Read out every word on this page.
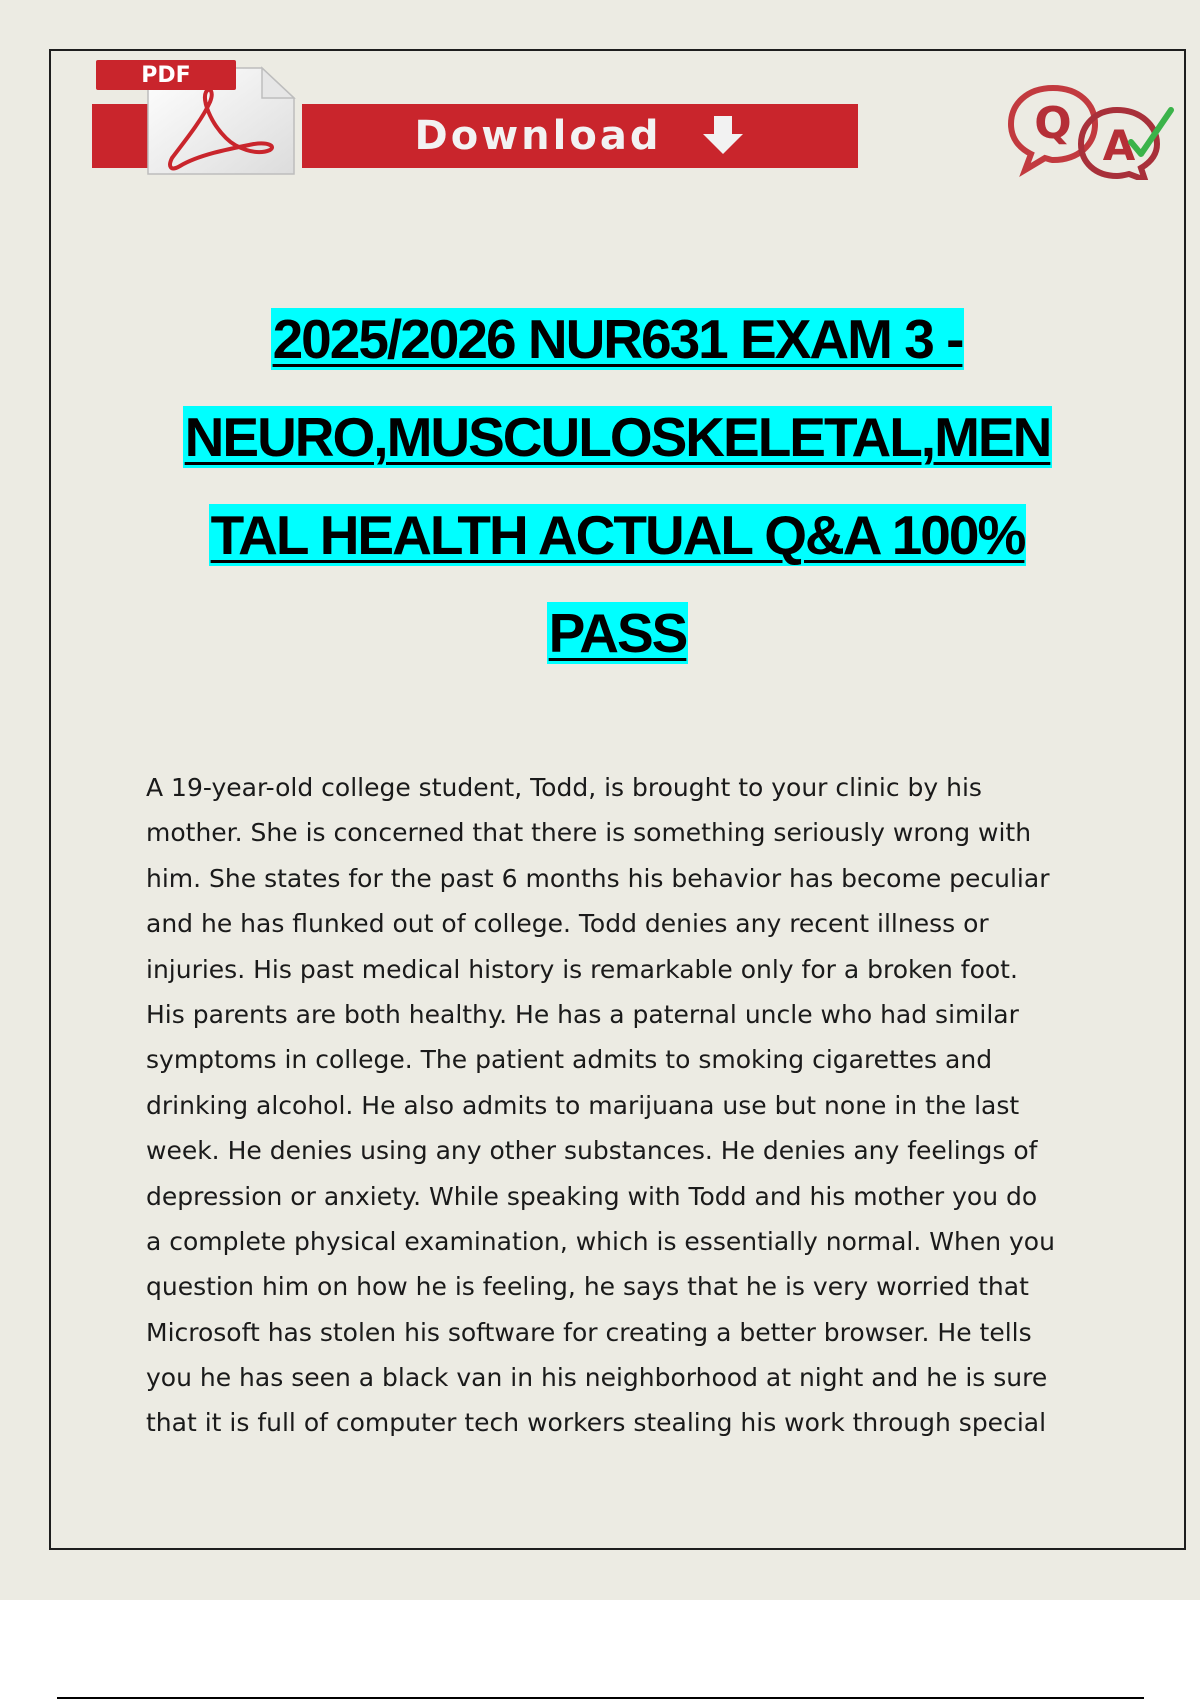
PDF
Download	Q A
2025/2026 NUR631 EXAM 3 -
NEURO,MUSCULOSKELETAL,MEN
TAL HEALTH ACTUAL Q&A 100%
PASS
A 19-year-old college student, Todd, is brought to your clinic by his
mother. She is concerned that there is something seriously wrong with
him. She states for the past 6 months his behavior has become peculiar
and he has flunked out of college. Todd denies any recent illness or
injuries. His past medical history is remarkable only for a broken foot.
His parents are both healthy. He has a paternal uncle who had similar
symptoms in college. The patient admits to smoking cigarettes and
drinking alcohol. He also admits to marijuana use but none in the last
week. He denies using any other substances. He denies any feelings of
depression or anxiety. While speaking with Todd and his mother you do
a complete physical examination, which is essentially normal. When you
question him on how he is feeling, he says that he is very worried that
Microsoft has stolen his software for creating a better browser. He tells
you he has seen a black van in his neighborhood at night and he is sure
that it is full of computer tech workers stealing his work through special
